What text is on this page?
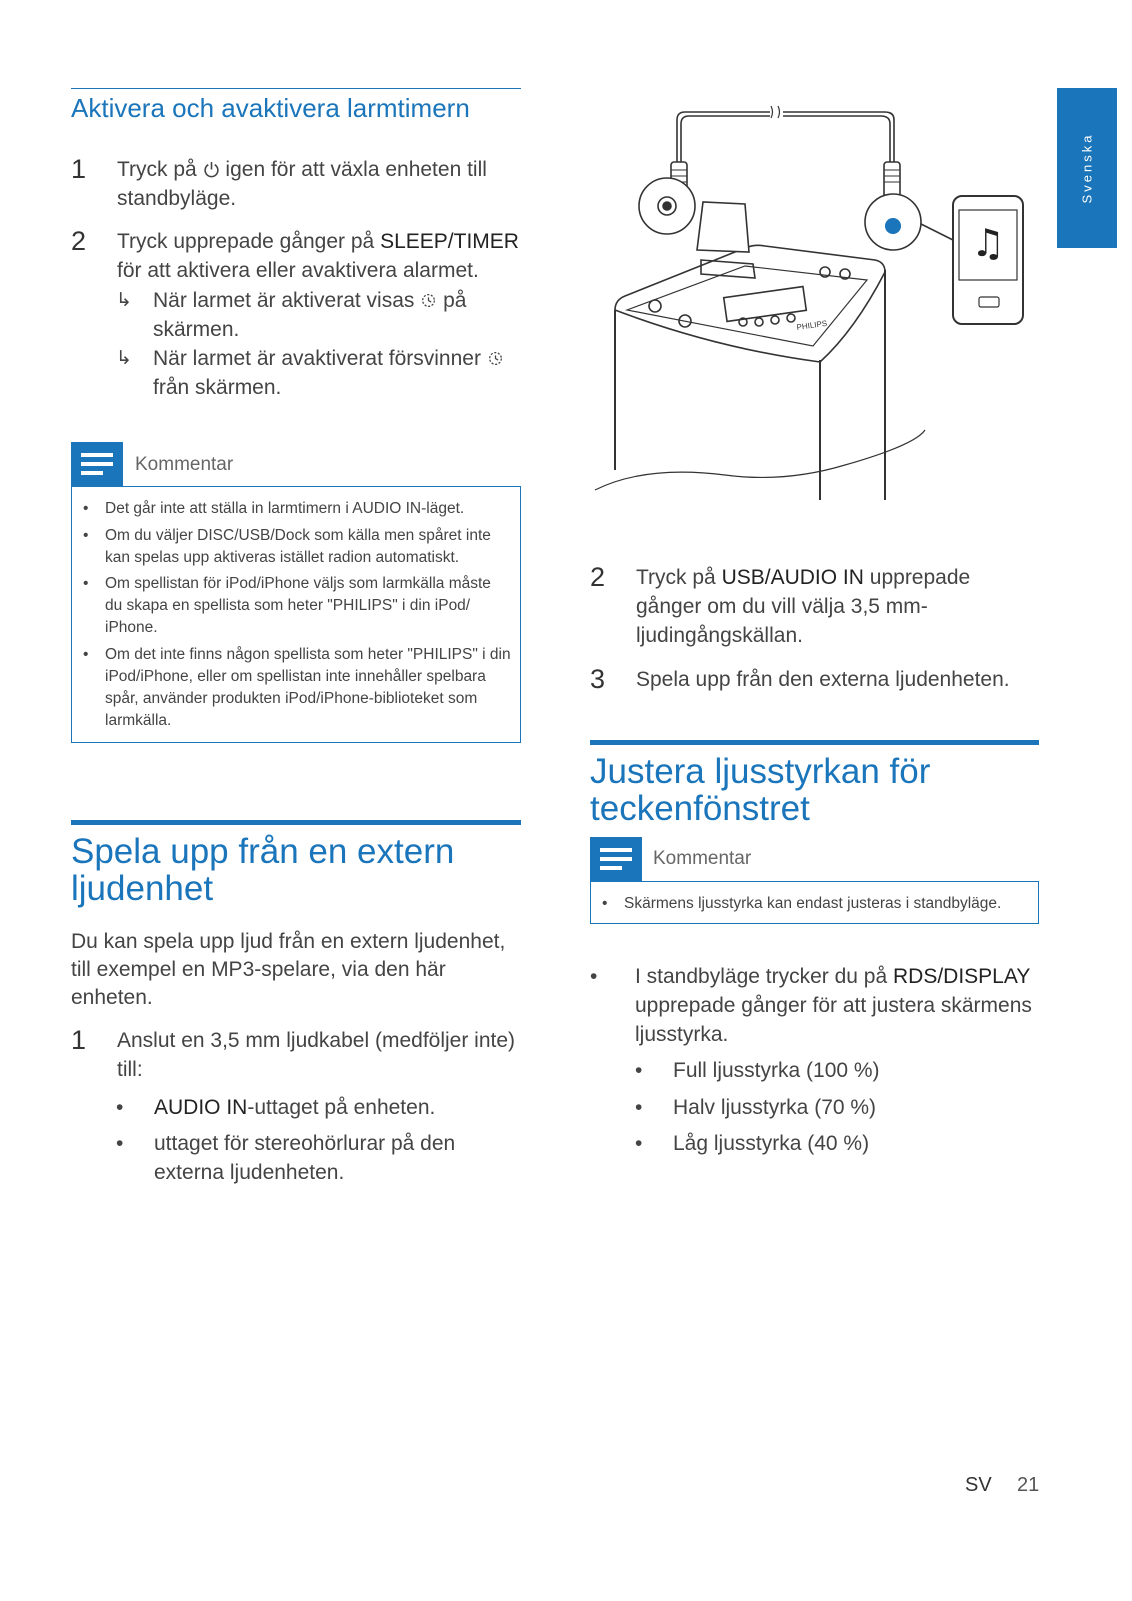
Svenska
Aktivera och avaktivera larmtimern
1 Tryck på igen för att växla enheten till standbyläge.
2 Tryck upprepade gånger på SLEEP/TIMER för att aktivera eller avaktivera alarmet.
↳ När larmet är aktiverat visas på skärmen.
↳ När larmet är avaktiverat försvinner  från skärmen.
Kommentar
• Det går inte att ställa in larmtimern i AUDIO IN-läget.
• Om du väljer DISC/USB/Dock som källa men spåret inte kan spelas upp aktiveras istället radion automatiskt.
• Om spellistan för iPod/iPhone väljs som larmkälla måste du skapa en spellista som heter "PHILIPS" i din iPod/ iPhone.
• Om det inte finns någon spellista som heter "PHILIPS" i din iPod/iPhone, eller om spellistan inte innehåller spelbara spår, använder produkten iPod/iPhone-biblioteket som larmkälla.
Spela upp från en extern ljudenhet
Du kan spela upp ljud från en extern ljudenhet, till exempel en MP3-spelare, via den här enheten.
1 Anslut en 3,5 mm ljudkabel (medföljer inte) till:
• AUDIO IN-uttaget på enheten.
• uttaget för stereohörlurar på den externa ljudenheten.
♫
PHILIPS
2 Tryck på USB/AUDIO IN upprepade gånger om du vill välja 3,5 mm-ljudingångskällan.
3 Spela upp från den externa ljudenheten.
Justera ljusstyrkan för teckenfönstret
Kommentar
• Skärmens ljusstyrka kan endast justeras i standbyläge.
• I standbyläge trycker du på RDS/DISPLAY upprepade gånger för att justera skärmens ljusstyrka.
• Full ljusstyrka (100 %)
• Halv ljusstyrka (70 %)
• Låg ljusstyrka (40 %)
SV 21
